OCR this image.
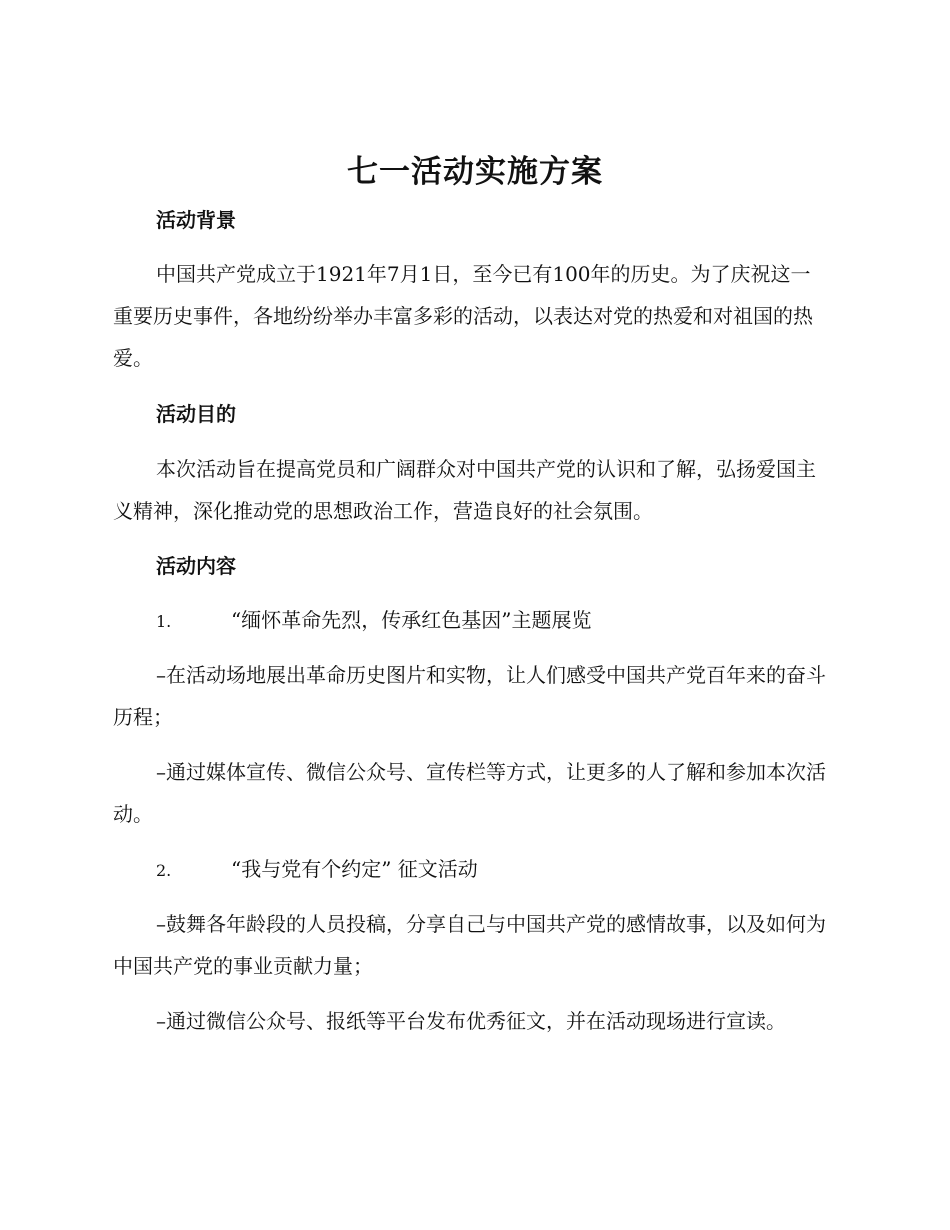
七一活动实施方案
活动背景

中国共产党成立于1921年7月1日，至今已有100年的历史。为了庆祝这一重要历史事件，各地纷纷举办丰富多彩的活动，以表达对党的热爱和对祖国的热爱。

活动目的

本次活动旨在提高党员和广阔群众对中国共产党的认识和了解，弘扬爱国主义精神，深化推动党的思想政治工作，营造良好的社会氛围。

活动内容
1.	“缅怀革命先烈，传承红色基因”主题展览

–在活动场地展出革命历史图片和实物，让人们感受中国共产党百年来的奋斗历程；

–通过媒体宣传、微信公众号、宣传栏等方式，让更多的人了解和参加本次活动。

2.	“我与党有个约定” 征文活动

–鼓舞各年龄段的人员投稿，分享自己与中国共产党的感情故事，以及如何为中国共产党的事业贡献力量；

–通过微信公众号、报纸等平台发布优秀征文，并在活动现场进行宣读。
